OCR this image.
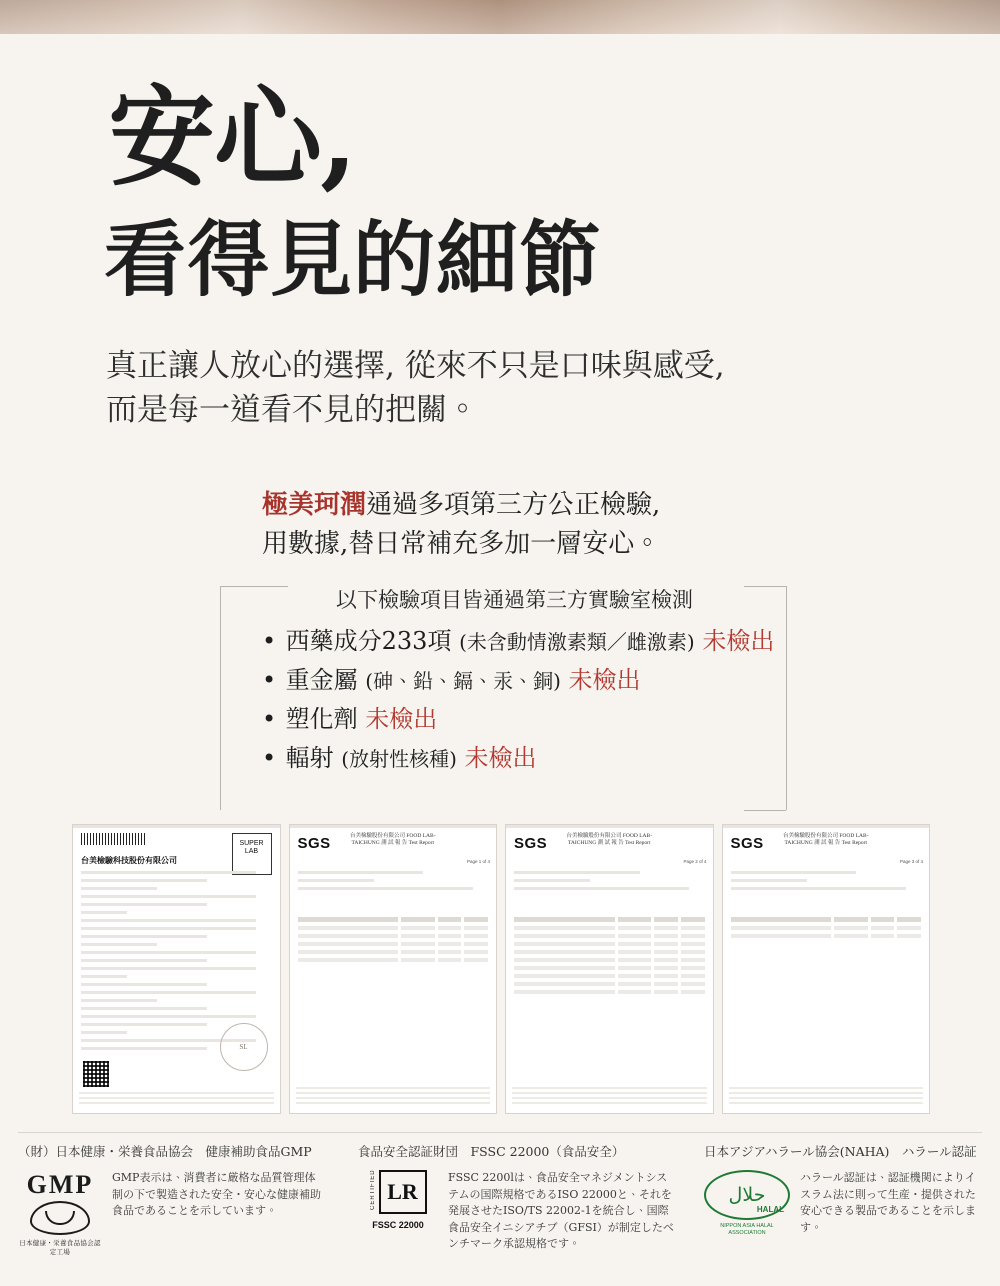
安心,
看得見的細節
真正讓人放心的選擇, 從來不只是口味與感受,
而是每一道看不見的把關。
極美珂潤通過多項第三方公正檢驗,
用數據,替日常補充多加一層安心。
以下檢驗項目皆通過第三方實驗室檢測
• 西藥成分233項 (未含動情激素類／雌激素) 未檢出
• 重金屬 (砷、鉛、鎘、汞、銅) 未檢出
• 塑化劑 未檢出
• 輻射 (放射性核種) 未檢出
SUPER LAB
台美檢驗科技股份有限公司
SL
SGS	台美檢驗股份有限公司 FOOD LAB-TAICHUNG 測 試 報 告 Test Report
Page 1 of 4
SGS	台美檢驗股份有限公司 FOOD LAB-TAICHUNG 測 試 報 告 Test Report
Page 2 of 4
SGS	台美檢驗股份有限公司 FOOD LAB-TAICHUNG 測 試 報 告 Test Report
Page 3 of 4
（財）日本健康・栄養食品協会　健康補助食品GMP
GMP
日本健康・栄養食品協会認定工場
GMP表示は、消費者に厳格な品質管理体制の下で製造された安全・安心な健康補助食品であることを示しています。
食品安全認証財団　FSSC 22000（食品安全）
CERTIFIED LR
FSSC 22000
FSSC 2200lは、食品安全マネジメントシステムの国際規格であるISO 22000と、それを発展させたISO/TS 22002-1を統合し、国際食品安全イニシアチブ（GFSI）が制定したベンチマーク承認規格です。
日本アジアハラール協会(NAHA)　ハラール認証
حلال
HALAL
NIPPON ASIA HALAL ASSOCIATION
ハラール認証は、認証機関によりイスラム法に則って生産・提供された安心できる製品であることを示します。
